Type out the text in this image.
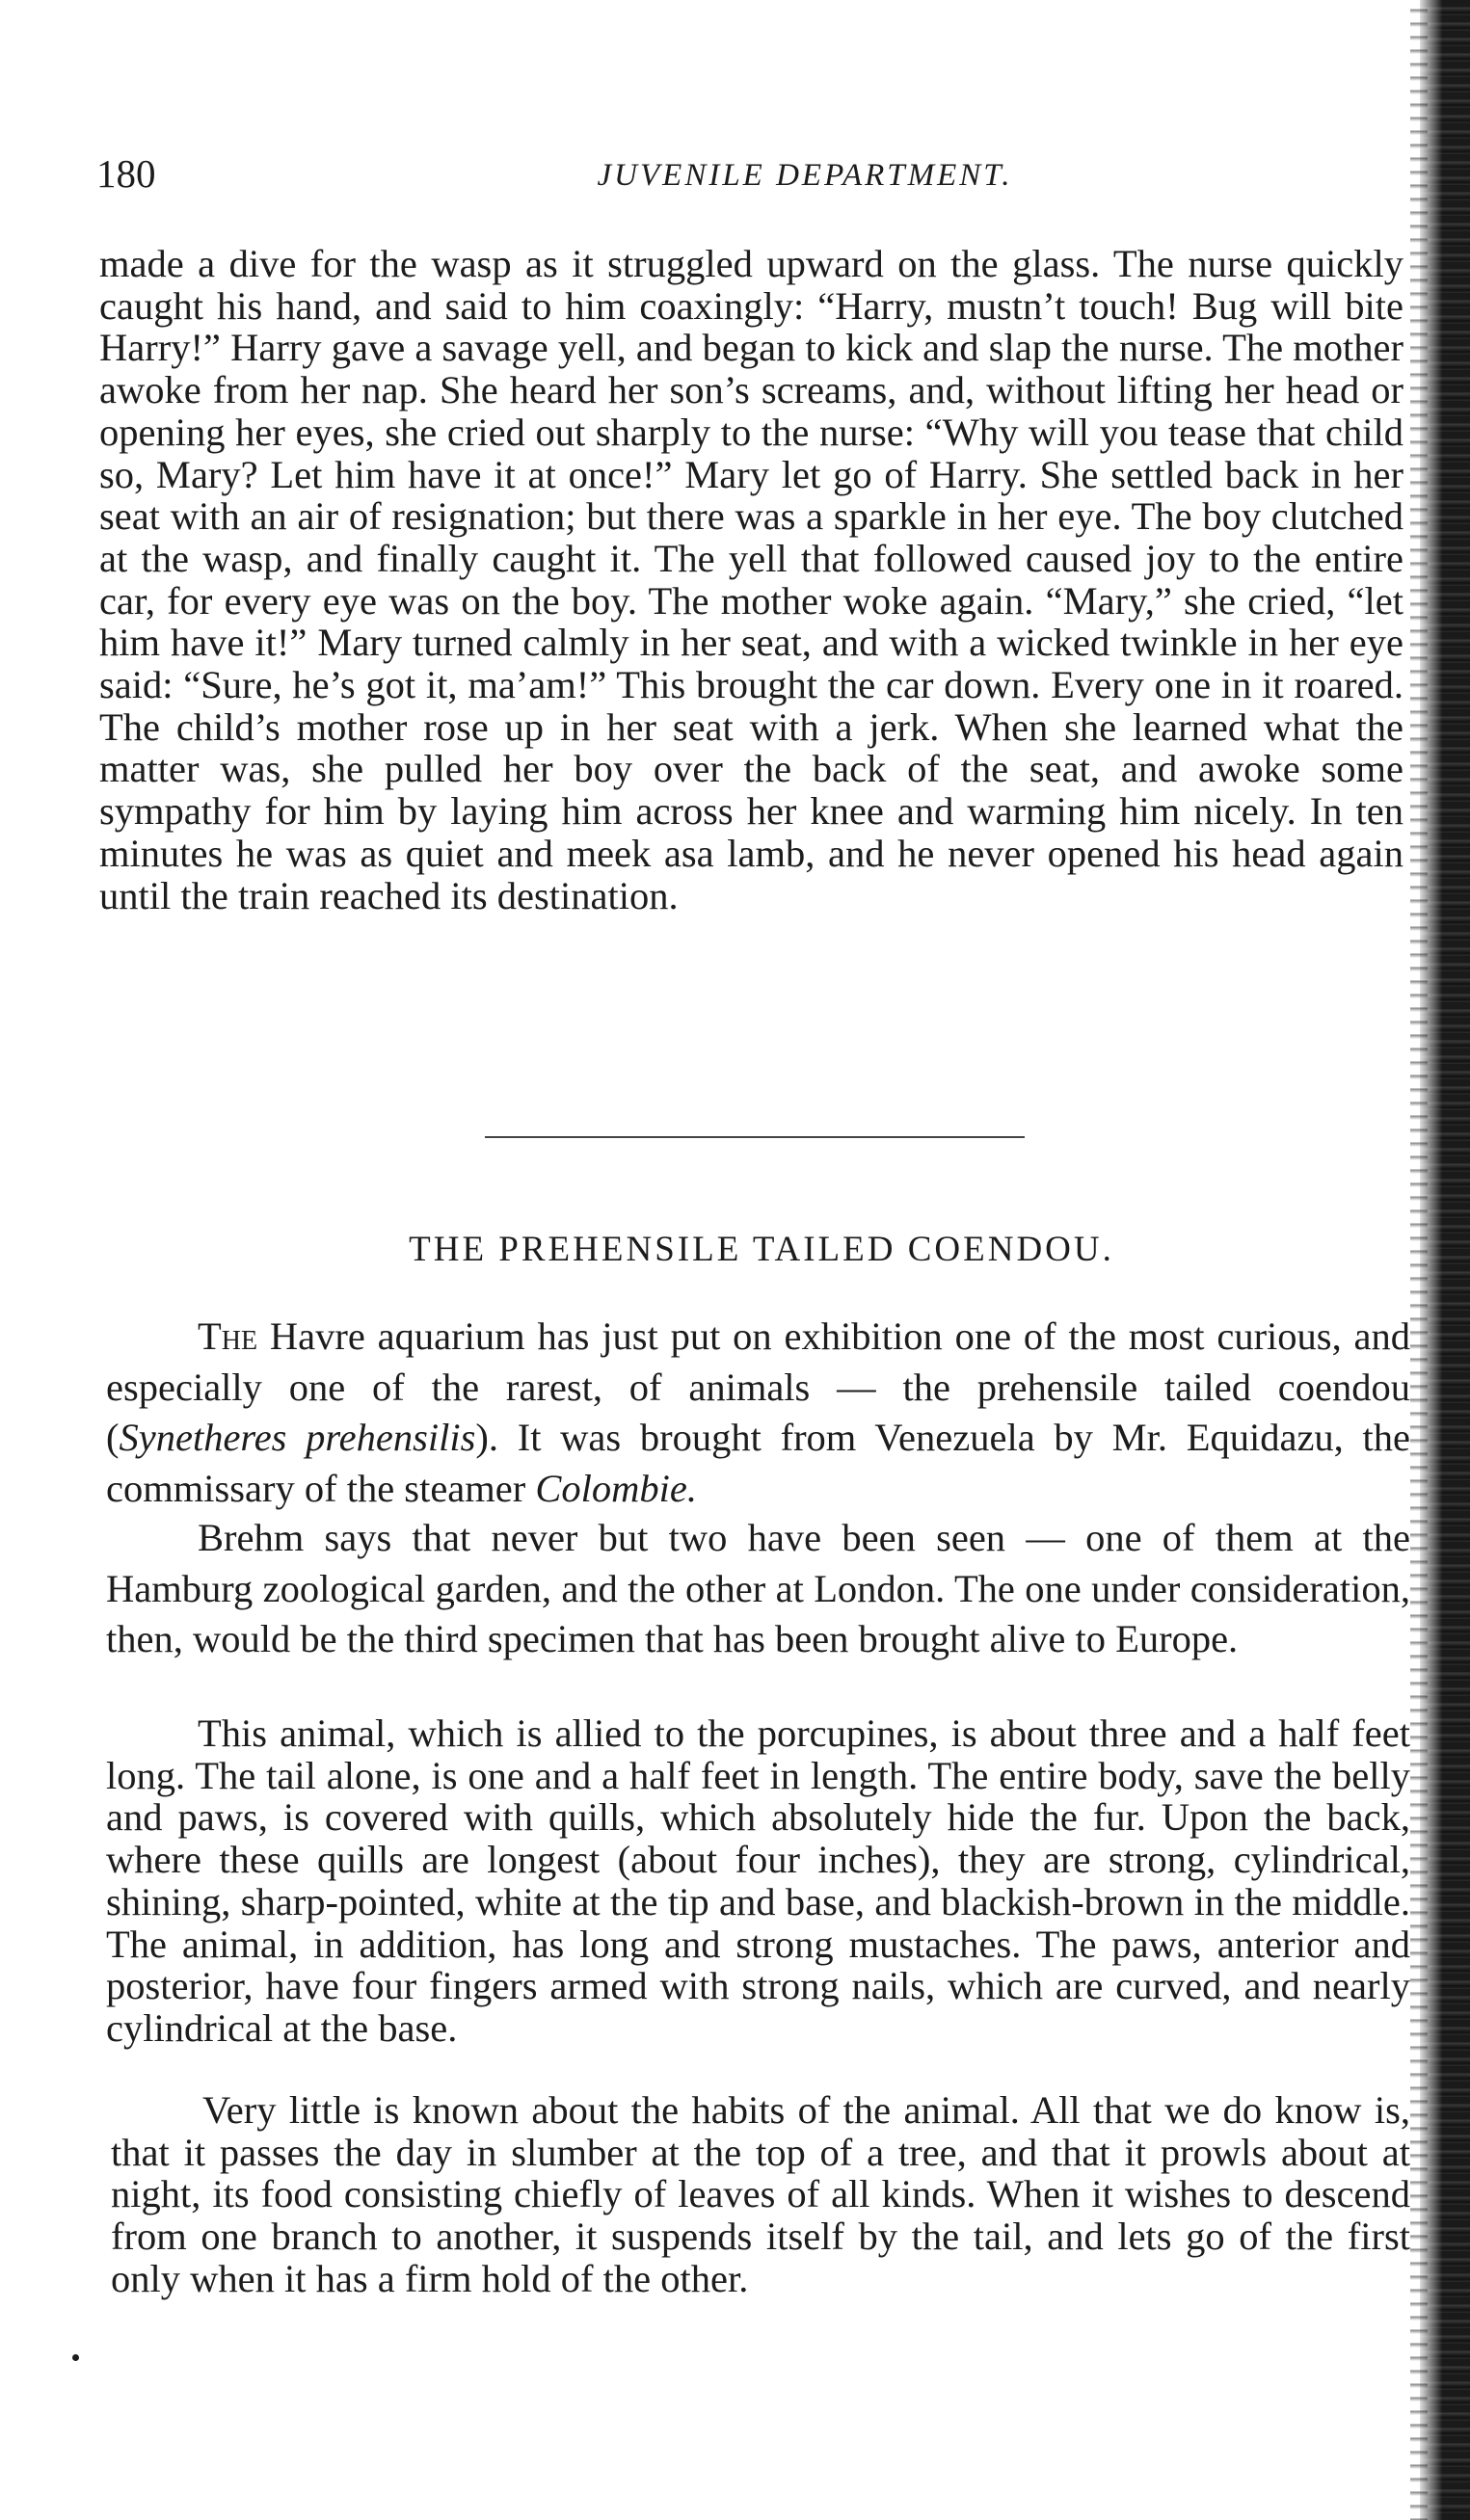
180	JUVENILE DEPARTMENT.

made a dive for the wasp as it struggled upward on the glass. The nurse quickly caught his hand, and said to him coaxingly: “Harry, mustn’t touch! Bug will bite Harry!” Harry gave a savage yell, and began to kick and slap the nurse. The mother awoke from her nap. She heard her son’s screams, and, without lifting her head or opening her eyes, she cried out sharply to the nurse: “Why will you tease that child so, Mary? Let him have it at once!” Mary let go of Harry. She settled back in her seat with an air of resignation; but there was a sparkle in her eye. The boy clutched at the wasp, and finally caught it. The yell that followed caused joy to the entire car, for every eye was on the boy. The mother woke again. “Mary,” she cried, “let him have it!” Mary turned calmly in her seat, and with a wicked twinkle in her eye said: “Sure, he’s got it, ma’am!” This brought the car down. Every one in it roared. The child’s mother rose up in her seat with a jerk. When she learned what the matter was, she pulled her boy over the back of the seat, and awoke some sympathy for him by laying him across her knee and warming him nicely. In ten minutes he was as quiet and meek asa lamb, and he never opened his head again until the train reached its destination.

THE PREHENSILE TAILED COENDOU.

The Havre aquarium has just put on exhibition one of the most curious, and especially one of the rarest, of animals — the prehensile tailed coendou (Synetheres prehensilis). It was brought from Venezuela by Mr. Equidazu, the commissary of the steamer Colombie.

Brehm says that never but two have been seen — one of them at the Hamburg zoological garden, and the other at London. The one under consideration, then, would be the third specimen that has been brought alive to Europe.

This animal, which is allied to the porcupines, is about three and a half feet long. The tail alone, is one and a half feet in length. The entire body, save the belly and paws, is covered with quills, which absolutely hide the fur. Upon the back, where these quills are longest (about four inches), they are strong, cylindrical, shining, sharp-pointed, white at the tip and base, and blackish-brown in the middle. The animal, in addition, has long and strong mustaches. The paws, anterior and posterior, have four fingers armed with strong nails, which are curved, and nearly cylindrical at the base.

Very little is known about the habits of the animal. All that we do know is, that it passes the day in slumber at the top of a tree, and that it prowls about at night, its food consisting chiefly of leaves of all kinds. When it wishes to descend from one branch to another, it suspends itself by the tail, and lets go of the first only when it has a firm hold of the other.
